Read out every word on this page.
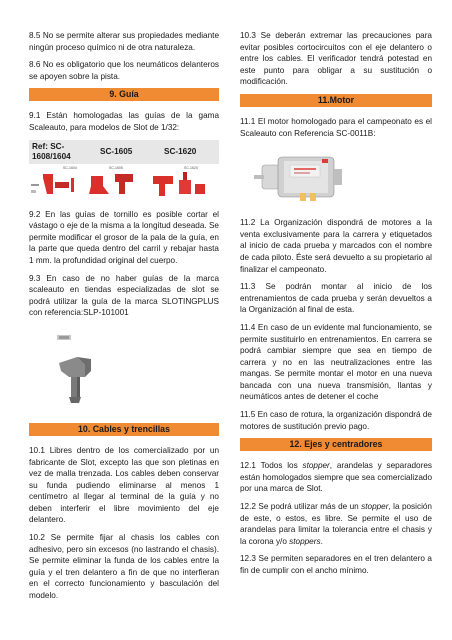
8.5 No se permite alterar sus propiedades mediante ningún proceso químico ni de otra naturaleza.

8.6 No es obligatorio que los neumáticos delanteros se apoyen sobre la pista.

9. Guía

9.1 Están homologadas las guías de la gama Scaleauto, para modelos de Slot de 1/32:

Ref: SC-1608/1604	SC-1605	SC-1620
SC-1604	SC-1605	SC-1620

9.2 En las guías de tornillo es posible cortar el vástago o eje de la misma a la longitud deseada. Se permite modificar el grosor de la pala de la guía, en la parte que queda dentro del carril y rebajar hasta 1 mm. la profundidad original del cuerpo.

9.3 En caso de no haber guías de la marca scaleauto en tiendas especializadas de slot se podrá utilizar la guía de la marca SLOTINGPLUS con referencia:SLP-101001

10. Cables y trencillas

10.1 Libres dentro de los comercializado por un fabricante de Slot, excepto las que son pletinas en vez de malla trenzada. Los cables deben conservar su funda pudiendo eliminarse al menos 1 centímetro al llegar al terminal de la guía y no deben interferir el libre movimiento del eje delantero.

10.2 Se permite fijar al chasis los cables con adhesivo, pero sin excesos (no lastrando el chasis). Se permite eliminar la funda de los cables entre la guía y el tren delantero a fin de que no interfieran en el correcto funcionamiento y basculación del modelo.

10.3 Se deberán extremar las precauciones para evitar posibles cortocircuitos con el eje delantero o entre los cables. El verificador tendrá potestad en este punto para obligar a su sustitución o modificación.

11.Motor

11.1 El motor homologado para el campeonato es el Scaleauto con Referencia SC-0011B:

11.2 La Organización dispondrá de motores a la venta exclusivamente para la carrera y etiquetados al inicio de cada prueba y marcados con el nombre de cada piloto. Éste será devuelto a su propietario al finalizar el campeonato.

11.3 Se podrán montar al inicio de los entrenamientos de cada prueba y serán devueltos a la Organización al final de esta.

11.4 En caso de un evidente mal funcionamiento, se permite sustituirlo en entrenamientos. En carrera se podrá cambiar siempre que sea en tiempo de carrera y no en las neutralizaciones entre las mangas. Se permite montar el motor en una nueva bancada con una nueva transmisión, llantas y neumáticos antes de detener el coche

11.5 En caso de rotura, la organización dispondrá de motores de sustitución previo pago.

12. Ejes y centradores

12.1 Todos los stopper, arandelas y separadores están homologados siempre que sea comercializado por una marca de Slot.

12.2 Se podrá utilizar más de un stopper, la posición de este, o estos, es libre. Se permite el uso de arandelas para limitar la tolerancia entre el chasis y la corona y/o stoppers.

12.3 Se permiten separadores en el tren delantero a fin de cumplir con el ancho mínimo.
